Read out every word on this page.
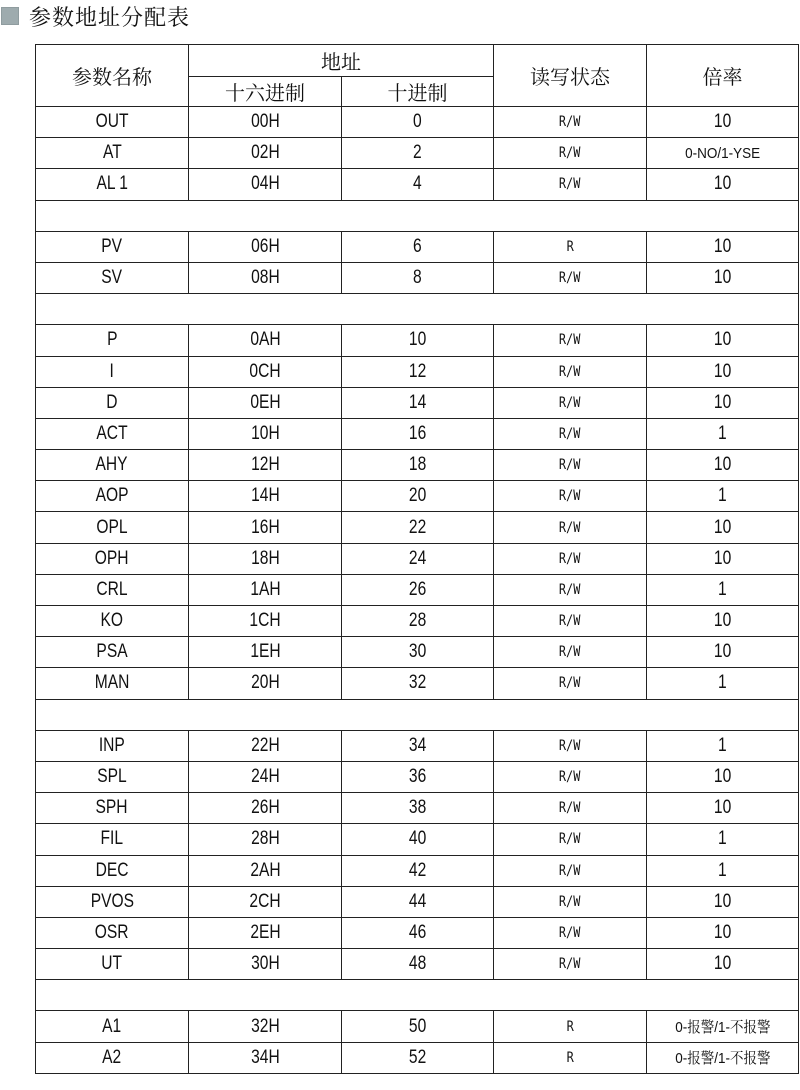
参数地址分配表
参数名称	地址		读写状态	倍率
	十六进制	十进制		
OUT	00H	0	R/W	10
AT	02H	2	R/W	0-NO/1-YSE
AL 1	04H	4	R/W	10

PV	06H	6	R	10
SV	08H	8	R/W	10

P	0AH	10	R/W	10
I	0CH	12	R/W	10
D	0EH	14	R/W	10
ACT	10H	16	R/W	1
AHY	12H	18	R/W	10
AOP	14H	20	R/W	1
OPL	16H	22	R/W	10
OPH	18H	24	R/W	10
CRL	1AH	26	R/W	1
KO	1CH	28	R/W	10
PSA	1EH	30	R/W	10
MAN	20H	32	R/W	1

INP	22H	34	R/W	1
SPL	24H	36	R/W	10
SPH	26H	38	R/W	10
FIL	28H	40	R/W	1
DEC	2AH	42	R/W	1
PVOS	2CH	44	R/W	10
OSR	2EH	46	R/W	10
UT	30H	48	R/W	10

A1	32H	50	R	0-报警/1-不报警
A2	34H	52	R	0-报警/1-不报警
